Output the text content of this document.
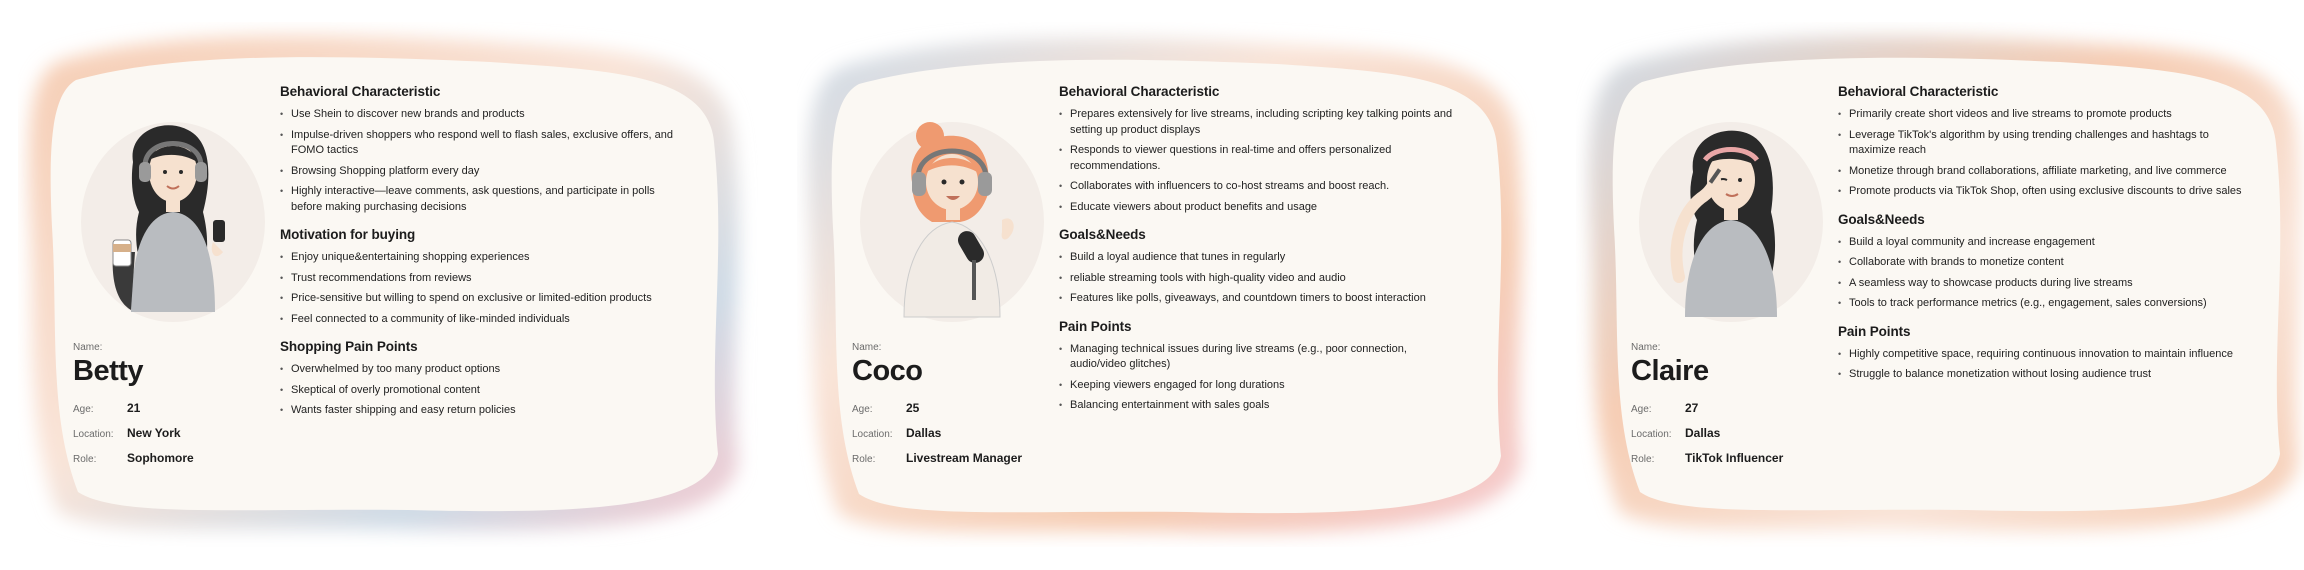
Name:
Betty
Age:	21
Location:	New York
Role:	Sophomore
Behavioral Characteristic
• Use Shein to discover new brands and products
• Impulse-driven shoppers who respond well to flash sales, exclusive offers, and FOMO tactics
• Browsing Shopping platform every day
• Highly interactive—leave comments, ask questions, and participate in polls before making purchasing decisions
Motivation for buying
• Enjoy unique&entertaining shopping experiences
• Trust recommendations from reviews
• Price-sensitive but willing to spend on exclusive or limited-edition products
• Feel connected to a community of like-minded individuals
Shopping Pain Points
• Overwhelmed by too many product options
• Skeptical of overly promotional content
• Wants faster shipping and easy return policies
Name:
Coco
Age:	25
Location:	Dallas
Role:	Livestream Manager
Behavioral Characteristic
• Prepares extensively for live streams, including scripting key talking points and setting up product displays
• Responds to viewer questions in real-time and offers personalized recommendations.
• Collaborates with influencers to co-host streams and boost reach.
• Educate viewers about product benefits and usage
Goals&Needs
• Build a loyal audience that tunes in regularly
• reliable streaming tools with high-quality video and audio
• Features like polls, giveaways, and countdown timers to boost interaction
Pain Points
• Managing technical issues during live streams (e.g., poor connection, audio/video glitches)
• Keeping viewers engaged for long durations
• Balancing entertainment with sales goals
Name:
Claire
Age:	27
Location:	Dallas
Role:	TikTok Influencer
Behavioral Characteristic
• Primarily create short videos and live streams to promote products
• Leverage TikTok's algorithm by using trending challenges and hashtags to maximize reach
• Monetize through brand collaborations, affiliate marketing, and live commerce
• Promote products via TikTok Shop, often using exclusive discounts to drive sales
Goals&Needs
• Build a loyal community and increase engagement
• Collaborate with brands to monetize content
• A seamless way to showcase products during live streams
• Tools to track performance metrics (e.g., engagement, sales conversions)
Pain Points
• Highly competitive space, requiring continuous innovation to maintain influence
• Struggle to balance monetization without losing audience trust
